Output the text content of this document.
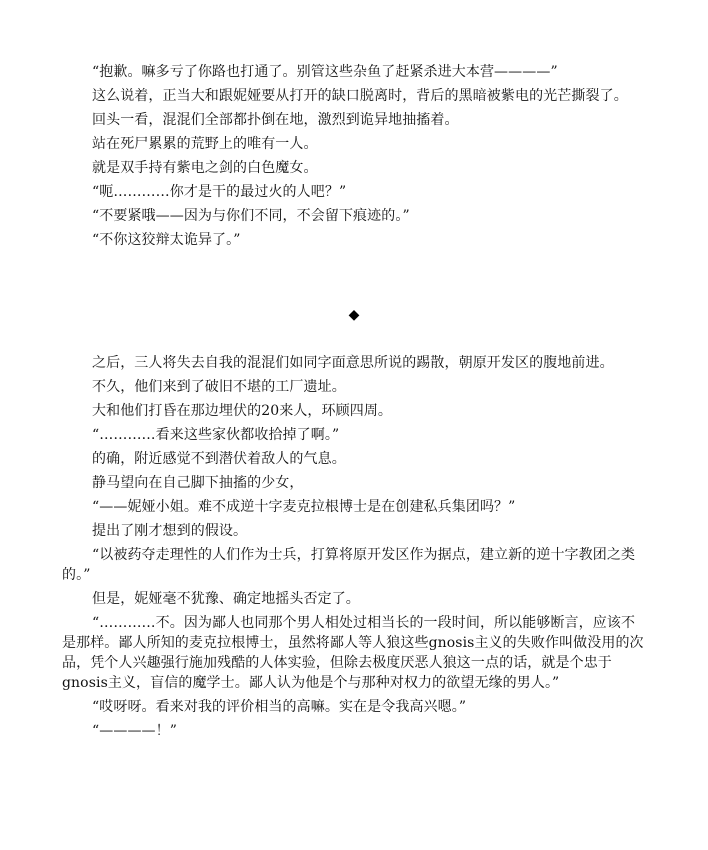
“抱歉。嘛多亏了你路也打通了。别管这些杂鱼了赶紧杀进大本营————”

这么说着，正当大和跟妮娅要从打开的缺口脱离时，背后的黑暗被紫电的光芒撕裂了。

回头一看，混混们全部都扑倒在地，激烈到诡异地抽搐着。

站在死尸累累的荒野上的唯有一人。

就是双手持有紫电之剑的白色魔女。

“呃…………你才是干的最过火的人吧？”

“不要紧哦——因为与你们不同，不会留下痕迹的。”

“不你这狡辩太诡异了。”

◆

之后，三人将失去自我的混混们如同字面意思所说的踢散，朝原开发区的腹地前进。

不久，他们来到了破旧不堪的工厂遗址。

大和他们打昏在那边埋伏的20来人，环顾四周。

“…………看来这些家伙都收拾掉了啊。”

的确，附近感觉不到潜伏着敌人的气息。

静马望向在自己脚下抽搐的少女，

“——妮娅小姐。难不成逆十字麦克拉根博士是在创建私兵集团吗？”

提出了刚才想到的假设。

“以被药夺走理性的人们作为士兵，打算将原开发区作为据点，建立新的逆十字教团之类的。”

但是，妮娅毫不犹豫、确定地摇头否定了。

“…………不。因为鄙人也同那个男人相处过相当长的一段时间，所以能够断言，应该不是那样。鄙人所知的麦克拉根博士，虽然将鄙人等人狼这些gnosis主义的失败作叫做没用的次品，凭个人兴趣强行施加残酷的人体实验，但除去极度厌恶人狼这一点的话，就是个忠于gnosis主义，盲信的魔学士。鄙人认为他是个与那种对权力的欲望无缘的男人。”

“哎呀呀。看来对我的评价相当的高嘛。实在是令我高兴嗯。”

“————！”
